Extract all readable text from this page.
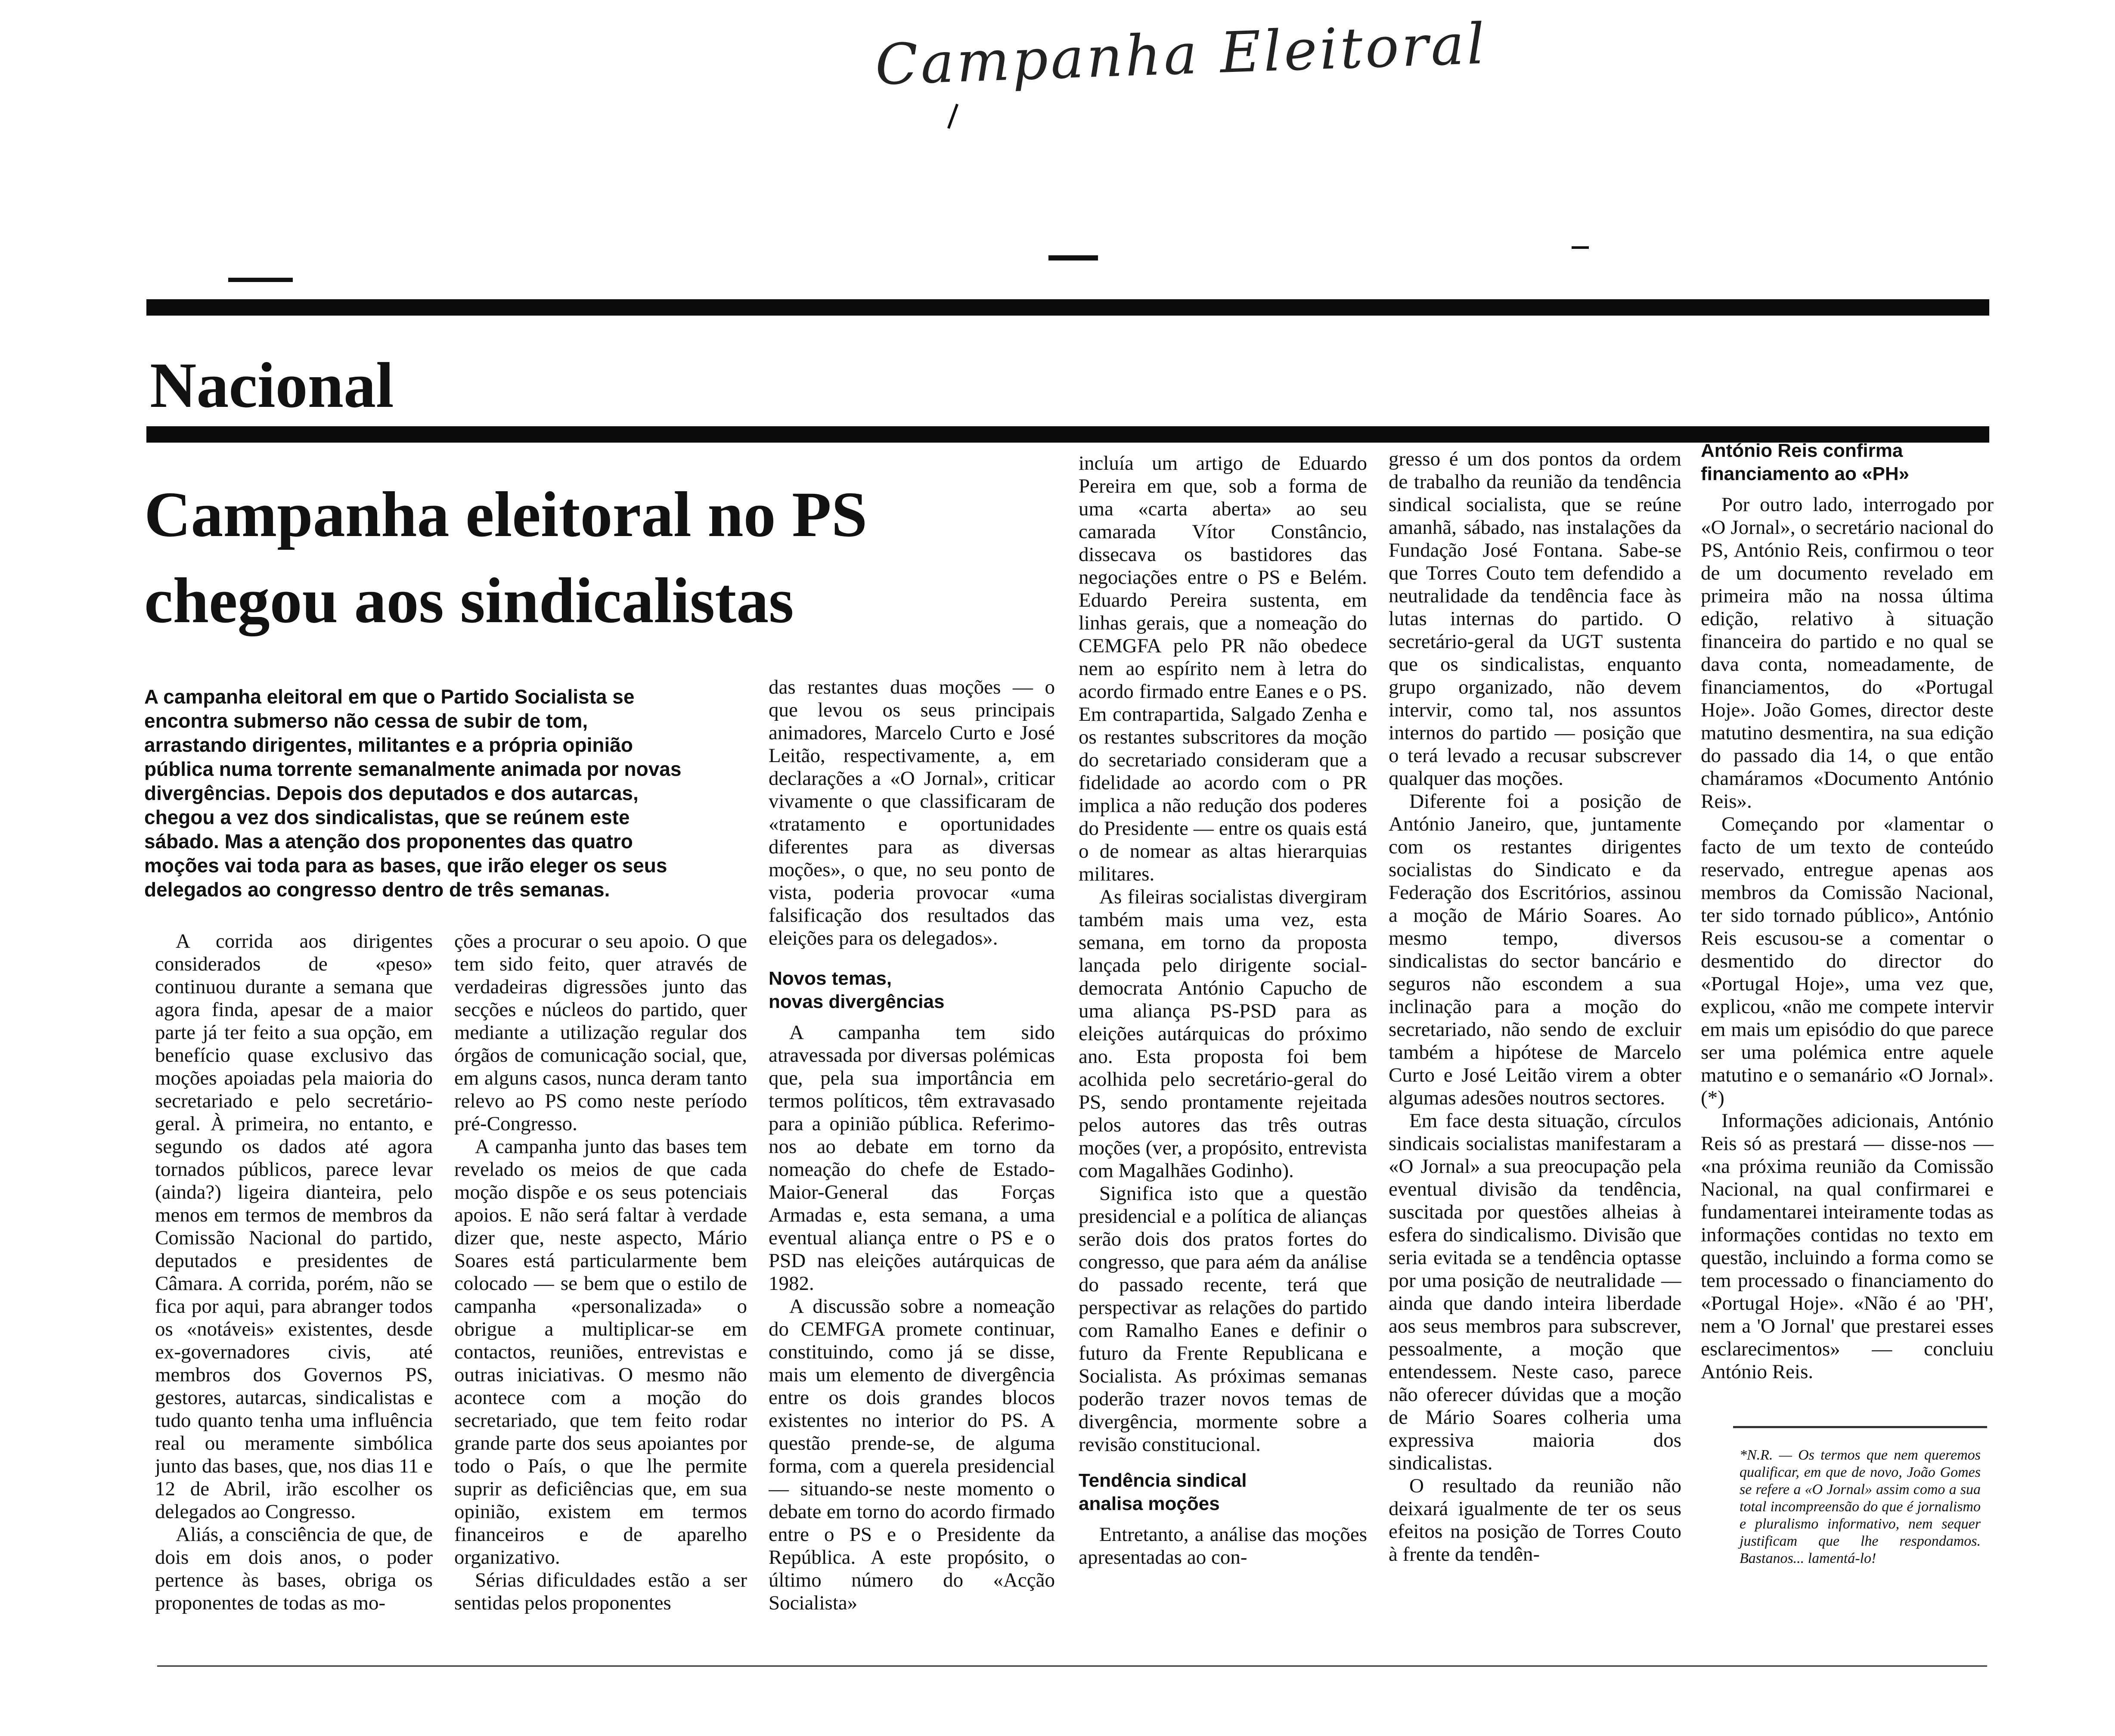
Campanha Eleitoral
Nacional
Campanha eleitoral no PS
chegou aos sindicalistas

A campanha eleitoral em que o Partido Socialista se encontra submerso não cessa de subir de tom, arrastando dirigentes, militantes e a própria opinião pública numa torrente semanalmente animada por novas divergências. Depois dos deputados e dos autarcas, chegou a vez dos sindicalistas, que se reúnem este sábado. Mas a atenção dos proponentes das quatro moções vai toda para as bases, que irão eleger os seus delegados ao congresso dentro de três semanas.

A corrida aos dirigentes considerados de «peso» continuou durante a semana que agora finda, apesar de a maior parte já ter feito a sua opção, em benefício quase exclusivo das moções apoiadas pela maioria do secretariado e pelo secretário-geral. À primeira, no entanto, e segundo os dados até agora tornados públicos, parece levar (ainda?) ligeira dianteira, pelo menos em termos de membros da Comissão Nacional do partido, deputados e presidentes de Câmara. A corrida, porém, não se fica por aqui, para abranger todos os «notáveis» existentes, desde ex-governadores civis, até membros dos Governos PS, gestores, autarcas, sindicalistas e tudo quanto tenha uma influência real ou meramente simbólica junto das bases, que, nos dias 11 e 12 de Abril, irão escolher os delegados ao Congresso.

Aliás, a consciência de que, de dois em dois anos, o poder pertence às bases, obriga os proponentes de todas as mo-

ções a procurar o seu apoio. O que tem sido feito, quer através de verdadeiras digressões junto das secções e núcleos do partido, quer mediante a utilização regular dos órgãos de comunicação social, que, em alguns casos, nunca deram tanto relevo ao PS como neste período pré-Congresso.

A campanha junto das bases tem revelado os meios de que cada moção dispõe e os seus potenciais apoios. E não será faltar à verdade dizer que, neste aspecto, Mário Soares está particularmente bem colocado — se bem que o estilo de campanha «personalizada» o obrigue a multiplicar-se em contactos, reuniões, entrevistas e outras iniciativas. O mesmo não acontece com a moção do secretariado, que tem feito rodar grande parte dos seus apoiantes por todo o País, o que lhe permite suprir as deficiências que, em sua opinião, existem em termos financeiros e de aparelho organizativo.

Sérias dificuldades estão a ser sentidas pelos proponentes

das restantes duas moções — o que levou os seus principais animadores, Marcelo Curto e José Leitão, respectivamente, a, em declarações a «O Jornal», criticar vivamente o que classificaram de «tratamento e oportunidades diferentes para as diversas moções», o que, no seu ponto de vista, poderia provocar «uma falsificação dos resultados das eleições para os delegados».

Novos temas,
novas divergências

A campanha tem sido atravessada por diversas polémicas que, pela sua importância em termos políticos, têm extravasado para a opinião pública. Referimo-nos ao debate em torno da nomeação do chefe de Estado-Maior-General das Forças Armadas e, esta semana, a uma eventual aliança entre o PS e o PSD nas eleições autárquicas de 1982.

A discussão sobre a nomeação do CEMFGA promete continuar, constituindo, como já se disse, mais um elemento de divergência entre os dois grandes blocos existentes no interior do PS. A questão prende-se, de alguma forma, com a querela presidencial — situando-se neste momento o debate em torno do acordo firmado entre o PS e o Presidente da República. A este propósito, o último número do «Acção Socialista»

incluía um artigo de Eduardo Pereira em que, sob a forma de uma «carta aberta» ao seu camarada Vítor Constâncio, dissecava os bastidores das negociações entre o PS e Belém. Eduardo Pereira sustenta, em linhas gerais, que a nomeação do CEMGFA pelo PR não obedece nem ao espírito nem à letra do acordo firmado entre Eanes e o PS. Em contrapartida, Salgado Zenha e os restantes subscritores da moção do secretariado consideram que a fidelidade ao acordo com o PR implica a não redução dos poderes do Presidente — entre os quais está o de nomear as altas hierarquias militares.

As fileiras socialistas divergiram também mais uma vez, esta semana, em torno da proposta lançada pelo dirigente social-democrata António Capucho de uma aliança PS-PSD para as eleições autárquicas do próximo ano. Esta proposta foi bem acolhida pelo secretário-geral do PS, sendo prontamente rejeitada pelos autores das três outras moções (ver, a propósito, entrevista com Magalhães Godinho).

Significa isto que a questão presidencial e a política de alianças serão dois dos pratos fortes do congresso, que para aém da análise do passado recente, terá que perspectivar as relações do partido com Ramalho Eanes e definir o futuro da Frente Republicana e Socialista. As próximas semanas poderão trazer novos temas de divergência, mormente sobre a revisão constitucional.

Tendência sindical
analisa moções

Entretanto, a análise das moções apresentadas ao con-

gresso é um dos pontos da ordem de trabalho da reunião da tendência sindical socialista, que se reúne amanhã, sábado, nas instalações da Fundação José Fontana. Sabe-se que Torres Couto tem defendido a neutralidade da tendência face às lutas internas do partido. O secretário-geral da UGT sustenta que os sindicalistas, enquanto grupo organizado, não devem intervir, como tal, nos assuntos internos do partido — posição que o terá levado a recusar subscrever qualquer das moções.

Diferente foi a posição de António Janeiro, que, juntamente com os restantes dirigentes socialistas do Sindicato e da Federação dos Escritórios, assinou a moção de Mário Soares. Ao mesmo tempo, diversos sindicalistas do sector bancário e seguros não escondem a sua inclinação para a moção do secretariado, não sendo de excluir também a hipótese de Marcelo Curto e José Leitão virem a obter algumas adesões noutros sectores.

Em face desta situação, círculos sindicais socialistas manifestaram a «O Jornal» a sua preocupação pela eventual divisão da tendência, suscitada por questões alheias à esfera do sindicalismo. Divisão que seria evitada se a tendência optasse por uma posição de neutralidade — ainda que dando inteira liberdade aos seus membros para subscrever, pessoalmente, a moção que entendessem. Neste caso, parece não oferecer dúvidas que a moção de Mário Soares colheria uma expressiva maioria dos sindicalistas.

O resultado da reunião não deixará igualmente de ter os seus efeitos na posição de Torres Couto à frente da tendên-

António Reis confirma
financiamento ao «PH»

Por outro lado, interrogado por «O Jornal», o secretário nacional do PS, António Reis, confirmou o teor de um documento revelado em primeira mão na nossa última edição, relativo à situação financeira do partido e no qual se dava conta, nomeadamente, de financiamentos, do «Portugal Hoje». João Gomes, director deste matutino desmentira, na sua edição do passado dia 14, o que então chamáramos «Documento António Reis».

Começando por «lamentar o facto de um texto de conteúdo reservado, entregue apenas aos membros da Comissão Nacional, ter sido tornado público», António Reis escusou-se a comentar o desmentido do director do «Portugal Hoje», uma vez que, explicou, «não me compete intervir em mais um episódio do que parece ser uma polémica entre aquele matutino e o semanário «O Jornal». (*)

Informações adicionais, António Reis só as prestará — disse-nos — «na próxima reunião da Comissão Nacional, na qual confirmarei e fundamentarei inteiramente todas as informações contidas no texto em questão, incluindo a forma como se tem processado o financiamento do «Portugal Hoje». «Não é ao 'PH', nem a 'O Jornal' que prestarei esses esclarecimentos» — concluiu António Reis.

*N.R. — Os termos que nem queremos qualificar, em que de novo, João Gomes se refere a «O Jornal» assim como a sua total incompreensão do que é jornalismo e pluralismo informativo, nem sequer justificam que lhe respondamos. Bastanos... lamentá-lo!
